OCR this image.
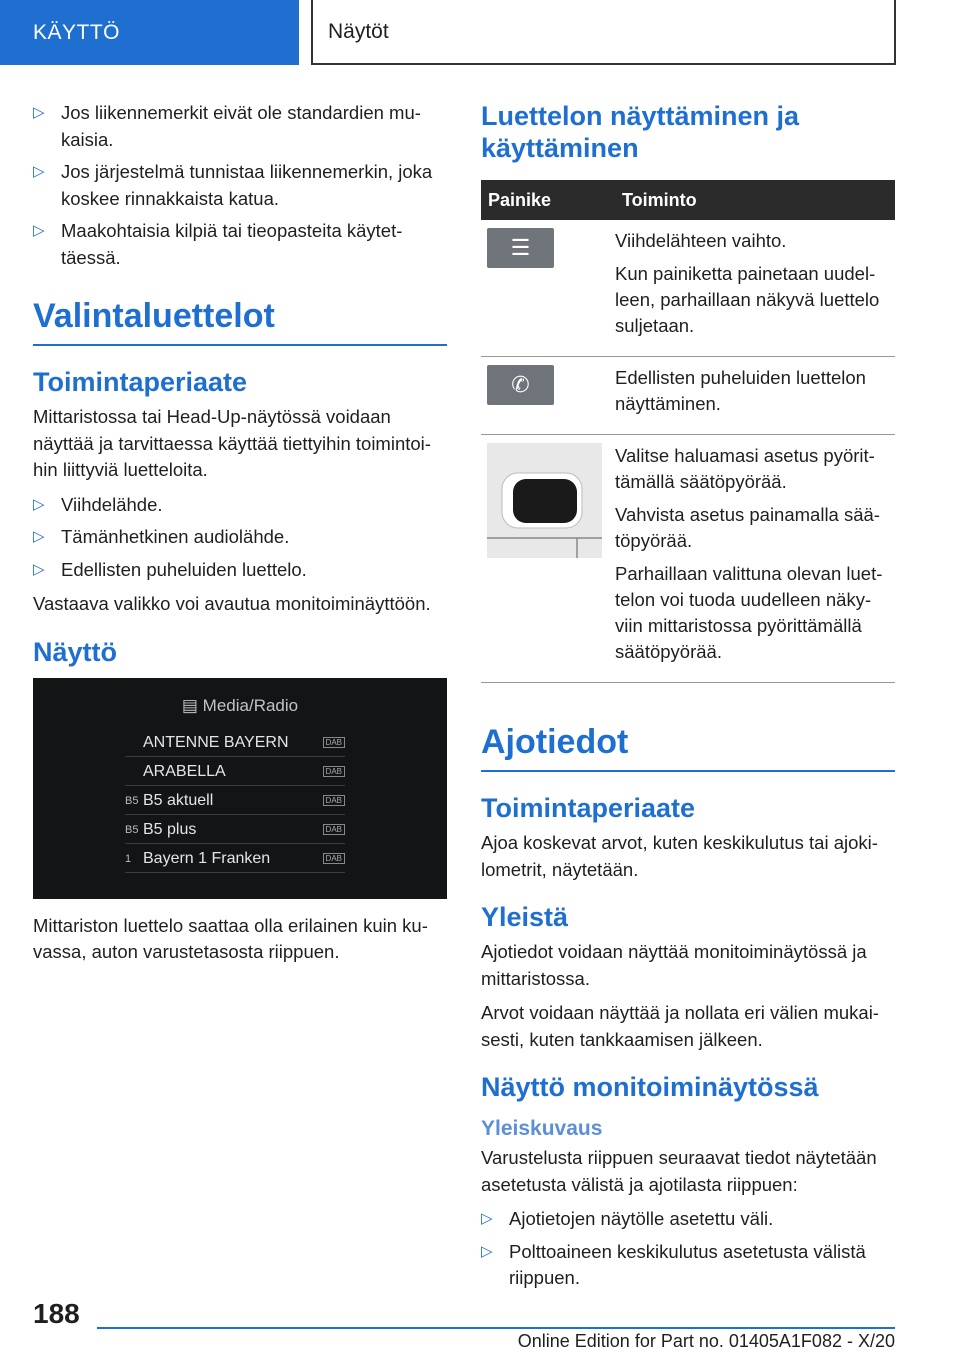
KÄYTTÖ	Näytöt
▷ Jos liikennemerkit eivät ole standardien mu-kaisia.
▷ Jos järjestelmä tunnistaa liikennemerkin, joka koskee rinnakkaista katua.
▷ Maakohtaisia kilpiä tai tieopasteita käytet-täessä.
Valintaluettelot
Toimintaperiaate

Mittaristossa tai Head-Up-näytössä voidaan näyttää ja tarvittaessa käyttää tiettyihin toimintoi-hin liittyviä luetteloita.

▷ Viihdelähde.
▷ Tämänhetkinen audiolähde.
▷ Edellisten puheluiden luettelo.

Vastaava valikko voi avautua monitoiminäyttöön.

Näyttö
▤ Media/Radio
ANTENNE BAYERN	DAB
ARABELLA	DAB
B5 B5 aktuell	DAB
B5 B5 plus	DAB
1 Bayern 1 Franken	DAB

Mittariston luettelo saattaa olla erilainen kuin ku-vassa, auton varustetasosta riippuen.

Luettelon näyttäminen ja käyttäminen
Painike	Toiminto

☰	Viihdelähteen vaihto.

Kun painiketta painetaan uudel-leen, parhaillaan näkyvä luettelo suljetaan.

✆	Edellisten puheluiden luettelon näyttäminen.

Valitse haluamasi asetus pyörit-tämällä säätöpyörää.

Vahvista asetus painamalla sää-töpyörää.

Parhaillaan valittuna olevan luet-telon voi tuoda uudelleen näky-viin mittaristossa pyörittämällä säätöpyörää.

Ajotiedot
Toimintaperiaate

Ajoa koskevat arvot, kuten keskikulutus tai ajoki-lometrit, näytetään.

Yleistä

Ajotiedot voidaan näyttää monitoiminäytössä ja mittaristossa.

Arvot voidaan näyttää ja nollata eri välien mukai-sesti, kuten tankkaamisen jälkeen.

Näyttö monitoiminäytössä
Yleiskuvaus

Varustelusta riippuen seuraavat tiedot näytetään asetetusta välistä ja ajotilasta riippuen:

▷ Ajotietojen näytölle asetettu väli.
▷ Polttoaineen keskikulutus asetetusta välistä riippuen.
188
Online Edition for Part no. 01405A1F082 - X/20
